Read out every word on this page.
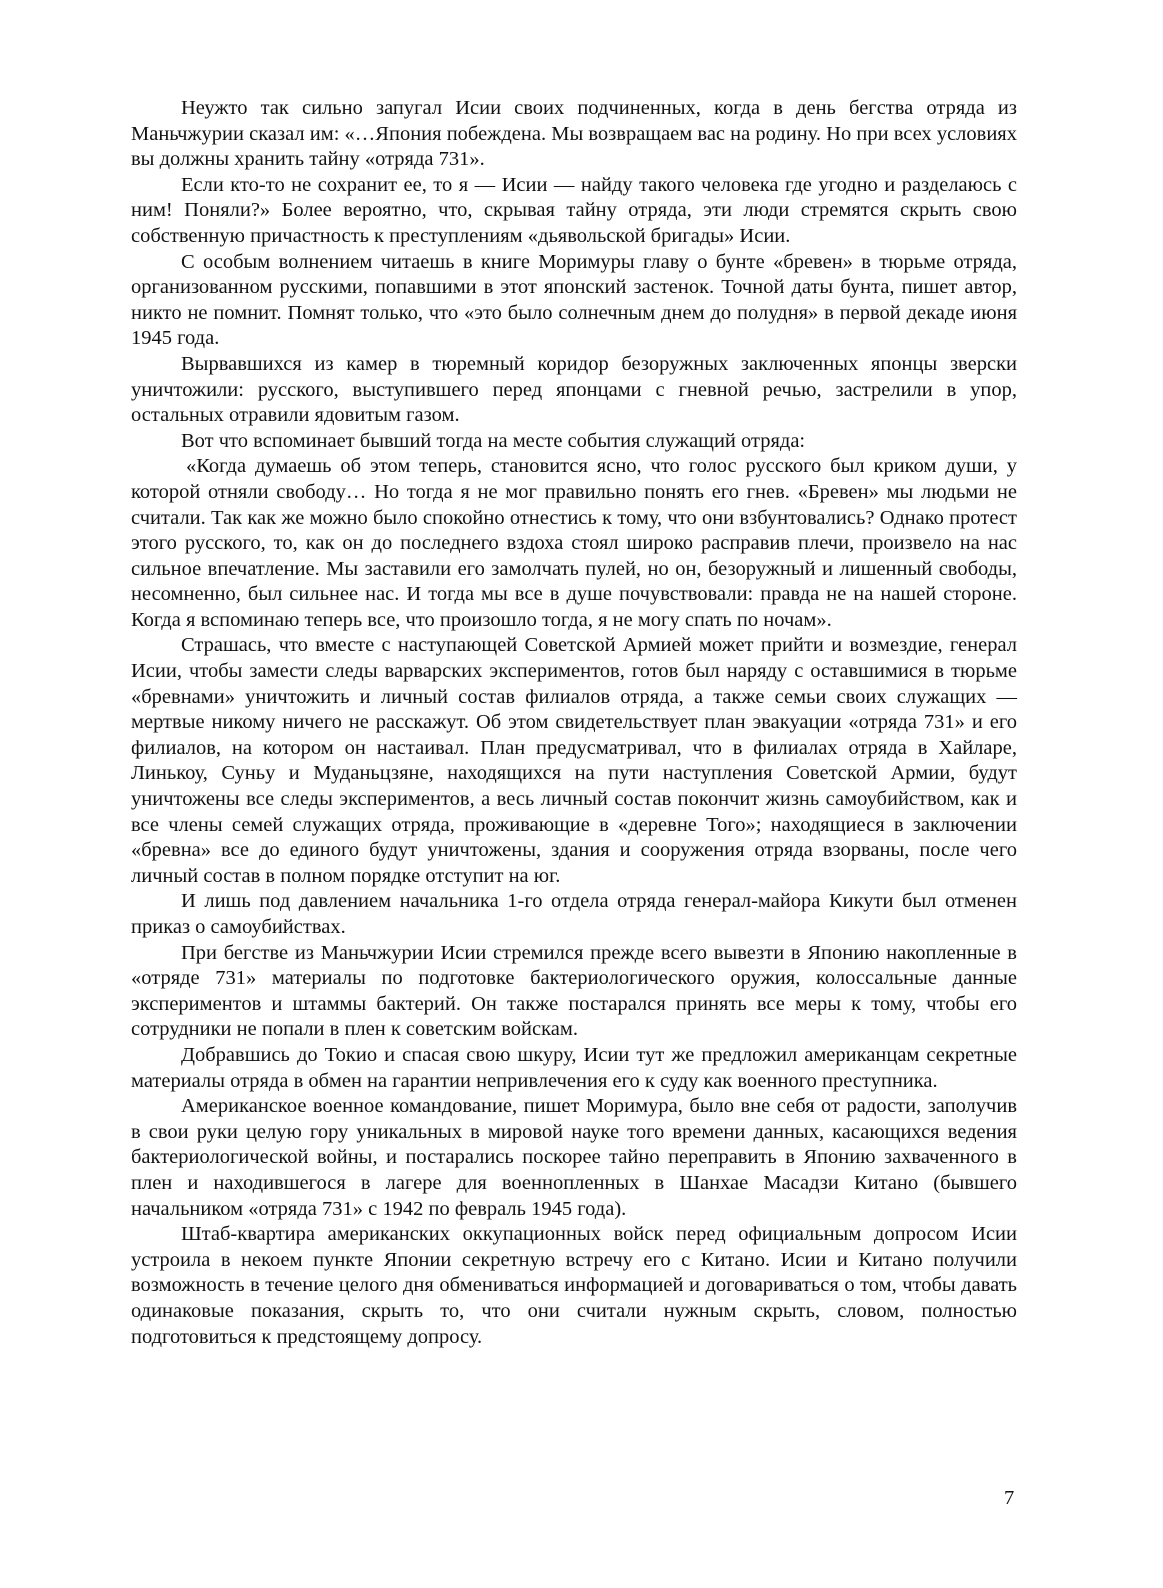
Неужто так сильно запугал Исии своих подчиненных, когда в день бегства отряда из Маньчжурии сказал им: «…Япония побеждена. Мы возвращаем вас на родину. Но при всех условиях вы должны хранить тайну «отряда 731».

Если кто-то не сохранит ее, то я — Исии — найду такого человека где угодно и разделаюсь с ним! Поняли?» Более вероятно, что, скрывая тайну отряда, эти люди стремятся скрыть свою собственную причастность к преступлениям «дьявольской бригады» Исии.

С особым волнением читаешь в книге Моримуры главу о бунте «бревен» в тюрьме отряда, организованном русскими, попавшими в этот японский застенок. Точной даты бунта, пишет автор, никто не помнит. Помнят только, что «это было солнечным днем до полудня» в первой декаде июня 1945 года.

Вырвавшихся из камер в тюремный коридор безоружных заключенных японцы зверски уничтожили: русского, выступившего перед японцами с гневной речью, застрелили в упор, остальных отравили ядовитым газом.

Вот что вспоминает бывший тогда на месте события служащий отряда:

«Когда думаешь об этом теперь, становится ясно, что голос русского был криком души, у которой отняли свободу… Но тогда я не мог правильно понять его гнев. «Бревен» мы людьми не считали. Так как же можно было спокойно отнестись к тому, что они взбунтовались? Однако протест этого русского, то, как он до последнего вздоха стоял широко расправив плечи, произвело на нас сильное впечатление. Мы заставили его замолчать пулей, но он, безоружный и лишенный свободы, несомненно, был сильнее нас. И тогда мы все в душе почувствовали: правда не на нашей стороне. Когда я вспоминаю теперь все, что произошло тогда, я не могу спать по ночам».

Страшась, что вместе с наступающей Советской Армией может прийти и возмездие, генерал Исии, чтобы замести следы варварских экспериментов, готов был наряду с оставшимися в тюрьме «бревнами» уничтожить и личный состав филиалов отряда, а также семьи своих служащих — мертвые никому ничего не расскажут. Об этом свидетельствует план эвакуации «отряда 731» и его филиалов, на котором он настаивал. План предусматривал, что в филиалах отряда в Хайларе, Линькоу, Суньу и Муданьцзяне, находящихся на пути наступления Советской Армии, будут уничтожены все следы экспериментов, а весь личный состав покончит жизнь самоубийством, как и все члены семей служащих отряда, проживающие в «деревне Того»; находящиеся в заключении «бревна» все до единого будут уничтожены, здания и сооружения отряда взорваны, после чего личный состав в полном порядке отступит на юг.

И лишь под давлением начальника 1-го отдела отряда генерал-майора Кикути был отменен приказ о самоубийствах.

При бегстве из Маньчжурии Исии стремился прежде всего вывезти в Японию накопленные в «отряде 731» материалы по подготовке бактериологического оружия, колоссальные данные экспериментов и штаммы бактерий. Он также постарался принять все меры к тому, чтобы его сотрудники не попали в плен к советским войскам.

Добравшись до Токио и спасая свою шкуру, Исии тут же предложил американцам секретные материалы отряда в обмен на гарантии непривлечения его к суду как военного преступника.

Американское военное командование, пишет Моримура, было вне себя от радости, заполучив в свои руки целую гору уникальных в мировой науке того времени данных, касающихся ведения бактериологической войны, и постарались поскорее тайно переправить в Японию захваченного в плен и находившегося в лагере для военнопленных в Шанхае Масадзи Китано (бывшего начальником «отряда 731» с 1942 по февраль 1945 года).

Штаб-квартира американских оккупационных войск перед официальным допросом Исии устроила в некоем пункте Японии секретную встречу его с Китано. Исии и Китано получили возможность в течение целого дня обмениваться информацией и договариваться о том, чтобы давать одинаковые показания, скрыть то, что они считали нужным скрыть, словом, полностью подготовиться к предстоящему допросу.

7
